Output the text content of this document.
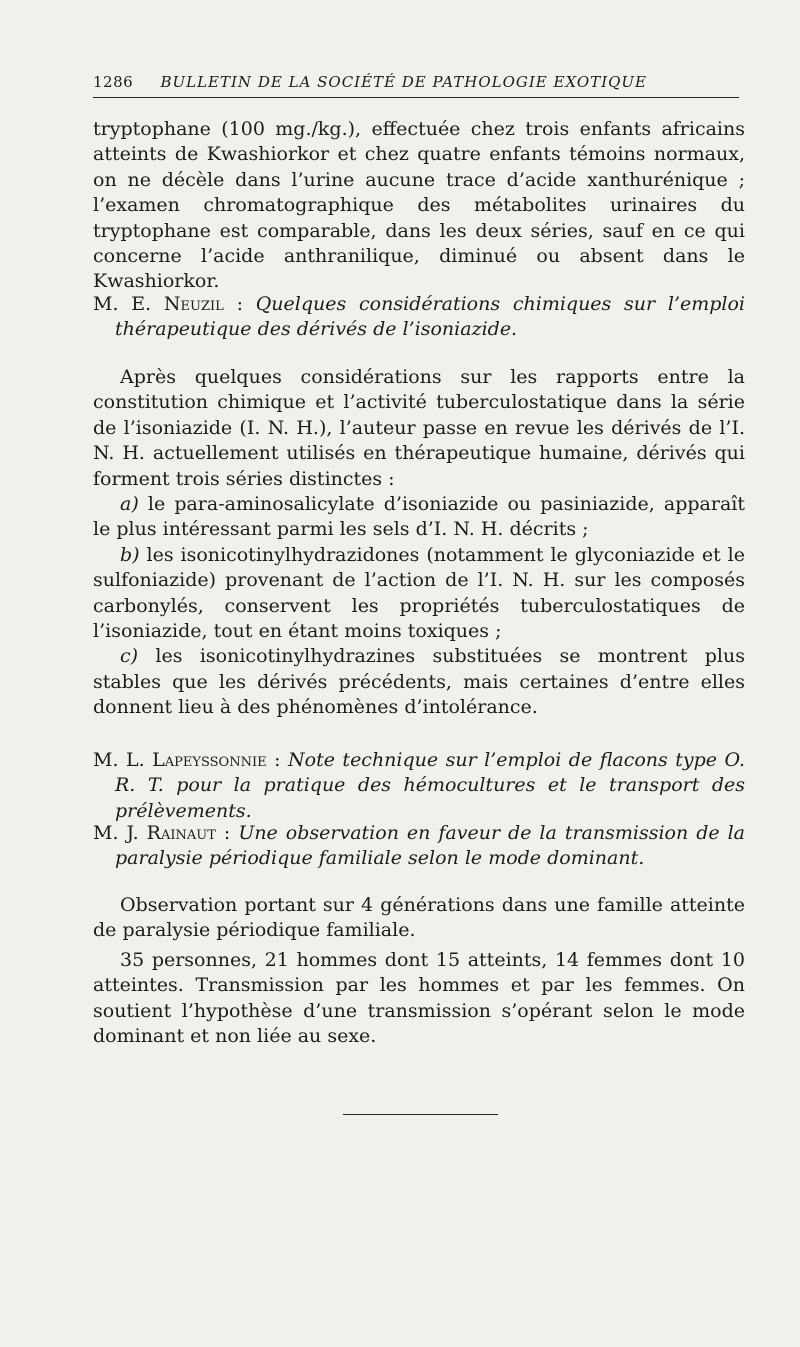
1286 BULLETIN DE LA SOCIÉTÉ DE PATHOLOGIE EXOTIQUE

tryptophane (100 mg./kg.), effectuée chez trois enfants africains atteints de Kwashiorkor et chez quatre enfants témoins normaux, on ne décèle dans l’urine aucune trace d’acide xanthurénique ; l’examen chromatographique des métabolites urinaires du tryptophane est comparable, dans les deux séries, sauf en ce qui concerne l’acide anthranilique, diminué ou absent dans le Kwashiorkor.

M. E. Neuzil : Quelques considérations chimiques sur l’emploi thérapeutique des dérivés de l’isoniazide.

Après quelques considérations sur les rapports entre la constitution chimique et l’activité tuberculostatique dans la série de l’isoniazide (I. N. H.), l’auteur passe en revue les dérivés de l’I. N. H. actuellement utilisés en thérapeutique humaine, dérivés qui forment trois séries distinctes :

a) le para-aminosalicylate d’isoniazide ou pasiniazide, apparaît le plus intéressant parmi les sels d’I. N. H. décrits ;

b) les isonicotinylhydrazidones (notamment le glyconiazide et le sulfoniazide) provenant de l’action de l’I. N. H. sur les composés carbonylés, conservent les propriétés tuberculostatiques de l’isoniazide, tout en étant moins toxiques ;

c) les isonicotinylhydrazines substituées se montrent plus stables que les dérivés précédents, mais certaines d’entre elles donnent lieu à des phénomènes d’intolérance.

M. L. Lapeyssonnie : Note technique sur l’emploi de flacons type O. R. T. pour la pratique des hémocultures et le transport des prélèvements.

M. J. Rainaut : Une observation en faveur de la transmission de la paralysie périodique familiale selon le mode dominant.

Observation portant sur 4 générations dans une famille atteinte de paralysie périodique familiale.

35 personnes, 21 hommes dont 15 atteints, 14 femmes dont 10 atteintes. Transmission par les hommes et par les femmes. On soutient l’hypothèse d’une transmission s’opérant selon le mode dominant et non liée au sexe.
